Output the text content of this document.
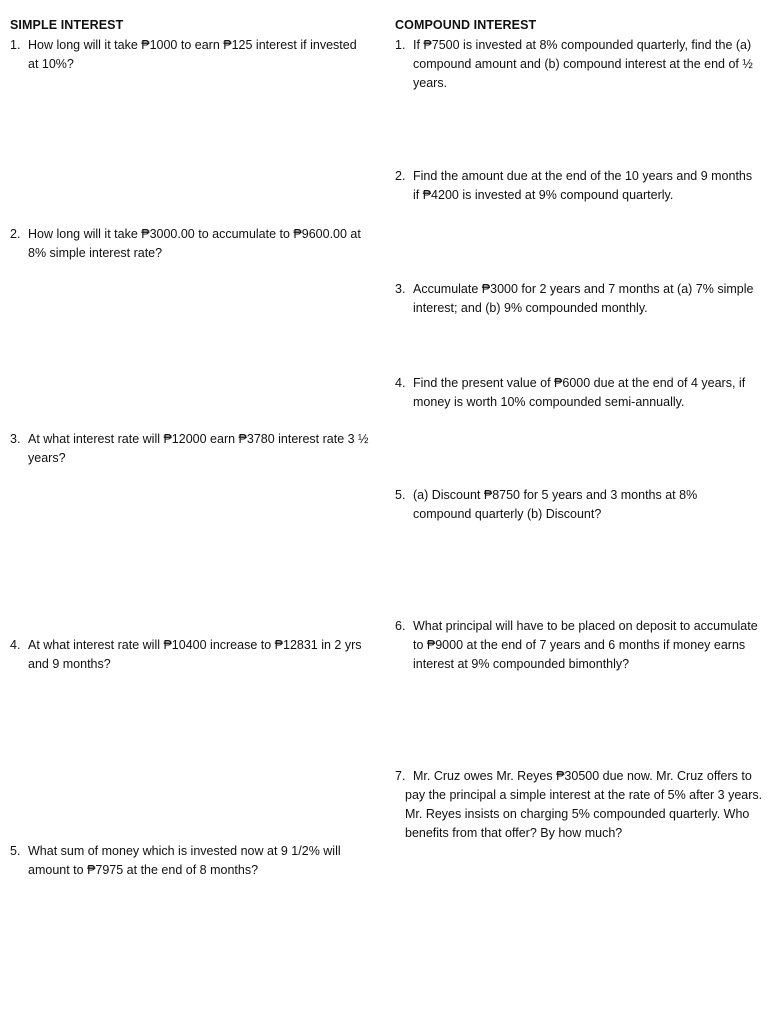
SIMPLE INTEREST
1. How long will it take ₱1000 to earn ₱125 interest if invested at 10%?
2. How long will it take ₱3000.00 to accumulate to ₱9600.00 at 8% simple interest rate?
3. At what interest rate will ₱12000 earn ₱3780 interest rate 3 ½ years?
4. At what interest rate will ₱10400 increase to ₱12831 in 2 yrs and 9 months?
5. What sum of money which is invested now at 9 1/2% will amount to ₱7975 at the end of 8 months?
COMPOUND INTEREST
1. If ₱7500 is invested at 8% compounded quarterly, find the (a) compound amount and (b) compound interest at the end of ½ years.
2. Find the amount due at the end of the 10 years and 9 months if ₱4200 is invested at 9% compound quarterly.
3. Accumulate ₱3000 for 2 years and 7 months at (a) 7% simple interest; and (b) 9% compounded monthly.
4. Find the present value of ₱6000 due at the end of 4 years, if money is worth 10% compounded semi-annually.
5. (a) Discount ₱8750 for 5 years and 3 months at 8% compound quarterly (b) Discount?
6. What principal will have to be placed on deposit to accumulate to ₱9000 at the end of 7 years and 6 months if money earns interest at 9% compounded bimonthly?
7. Mr. Cruz owes Mr. Reyes ₱30500 due now. Mr. Cruz offers to pay the principal a simple interest at the rate of 5% after 3 years. Mr. Reyes insists on charging 5% compounded quarterly. Who benefits from that offer? By how much?
